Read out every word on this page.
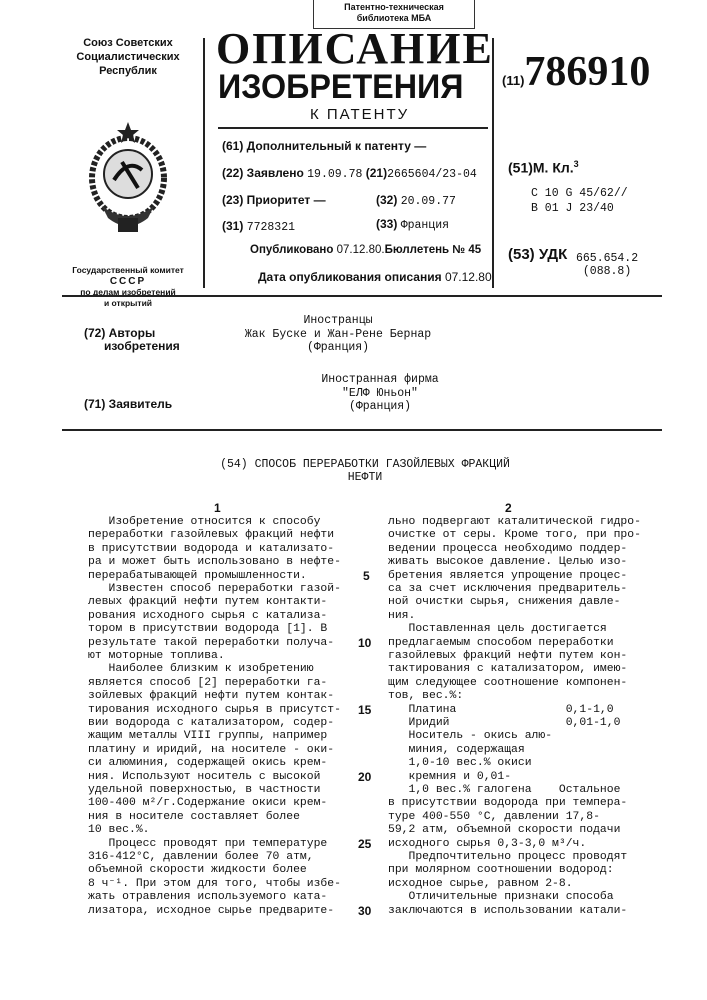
Патентно-техническая
библиотека МБА
Союз Советских
Социалистических
Республик
Государственный комитет
СССР
по делам изобретений
и открытий
ОПИСАНИЕ
ИЗОБРЕТЕНИЯ
К ПАТЕНТУ
(11)786910
(61) Дополнительный к патенту —
(22) Заявлено 19.09.78 (21)2665604/23-04
(23) Приоритет —	(32) 20.09.77
(31) 7728321	(33) Франция
Опубликовано 07.12.80.Бюллетень № 45
Дата опубликования описания 07.12.80
(51)М. Кл.3
С 10 G 45/62//
В 01 J 23/40
(53) УДК 665.654.2
(088.8)
(72) Авторы
изобретения
Иностранцы
Жак Буске и Жан-Рене Бернар
(Франция)
(71) Заявитель
Иностранная фирма
"ЕЛФ Юньон"
(Франция)
(54) СПОСОБ ПЕРЕРАБОТКИ ГАЗОЙЛЕВЫХ ФРАКЦИЙ
НЕФТИ
1	2
Изобретение относится к способу
переработки газойлевых фракций нефти
в присутствии водорода и катализато-
ра и может быть использовано в нефте-
перерабатывающей промышленности.
Известен способ переработки газой-
левых фракций нефти путем контакти-
рования исходного сырья с катализа-
тором в присутствии водорода [1]. В
результате такой переработки получа-
ют моторные топлива.
Наиболее близким к изобретению
является способ [2] переработки га-
зойлевых фракций нефти путем контак-
тирования исходного сырья в присутст-
вии водорода с катализатором, содер-
жащим металлы VIII группы, например
платину и иридий, на носителе - оки-
си алюминия, содержащей окись крем-
ния. Используют носитель с высокой
удельной поверхностью, в частности
100-400 м²/г.Содержание окиси крем-
ния в носителе составляет более
10 вес.%.
Процесс проводят при температуре
316-412°С, давлении более 70 атм,
объемной скорости жидкости более
8 ч⁻¹. При этом для того, чтобы избе-
жать отравления используемого ката-
лизатора, исходное сырье предварите-
льно подвергают каталитической гидро-
очистке от серы. Кроме того, при про-
ведении процесса необходимо поддер-
живать высокое давление. Целью изо-
бретения является упрощение процес-
са за счет исключения предваритель-
ной очистки сырья, снижения давле-
ния.
Поставленная цель достигается
предлагаемым способом переработки
газойлевых фракций нефти путем кон-
тактирования с катализатором, имею-
щим следующее соотношение компонен-
тов, вес.%:
Платина                0,1-1,0
Иридий                 0,01-1,0
Носитель - окись алю-
миния, содержащая
1,0-10 вес.% окиси
кремния и 0,01-
1,0 вес.% галогена    Остальное
в присутствии водорода при темпера-
туре 400-550 °С, давлении 17,8-
59,2 атм, объемной скорости подачи
исходного сырья 0,3-3,0 м³/ч.
Предпочтительно процесс проводят
при молярном соотношении водород:
исходное сырье, равном 2-8.
Отличительные признаки способа
заключаются в использовании катали-
5
10
15
20
25
30
